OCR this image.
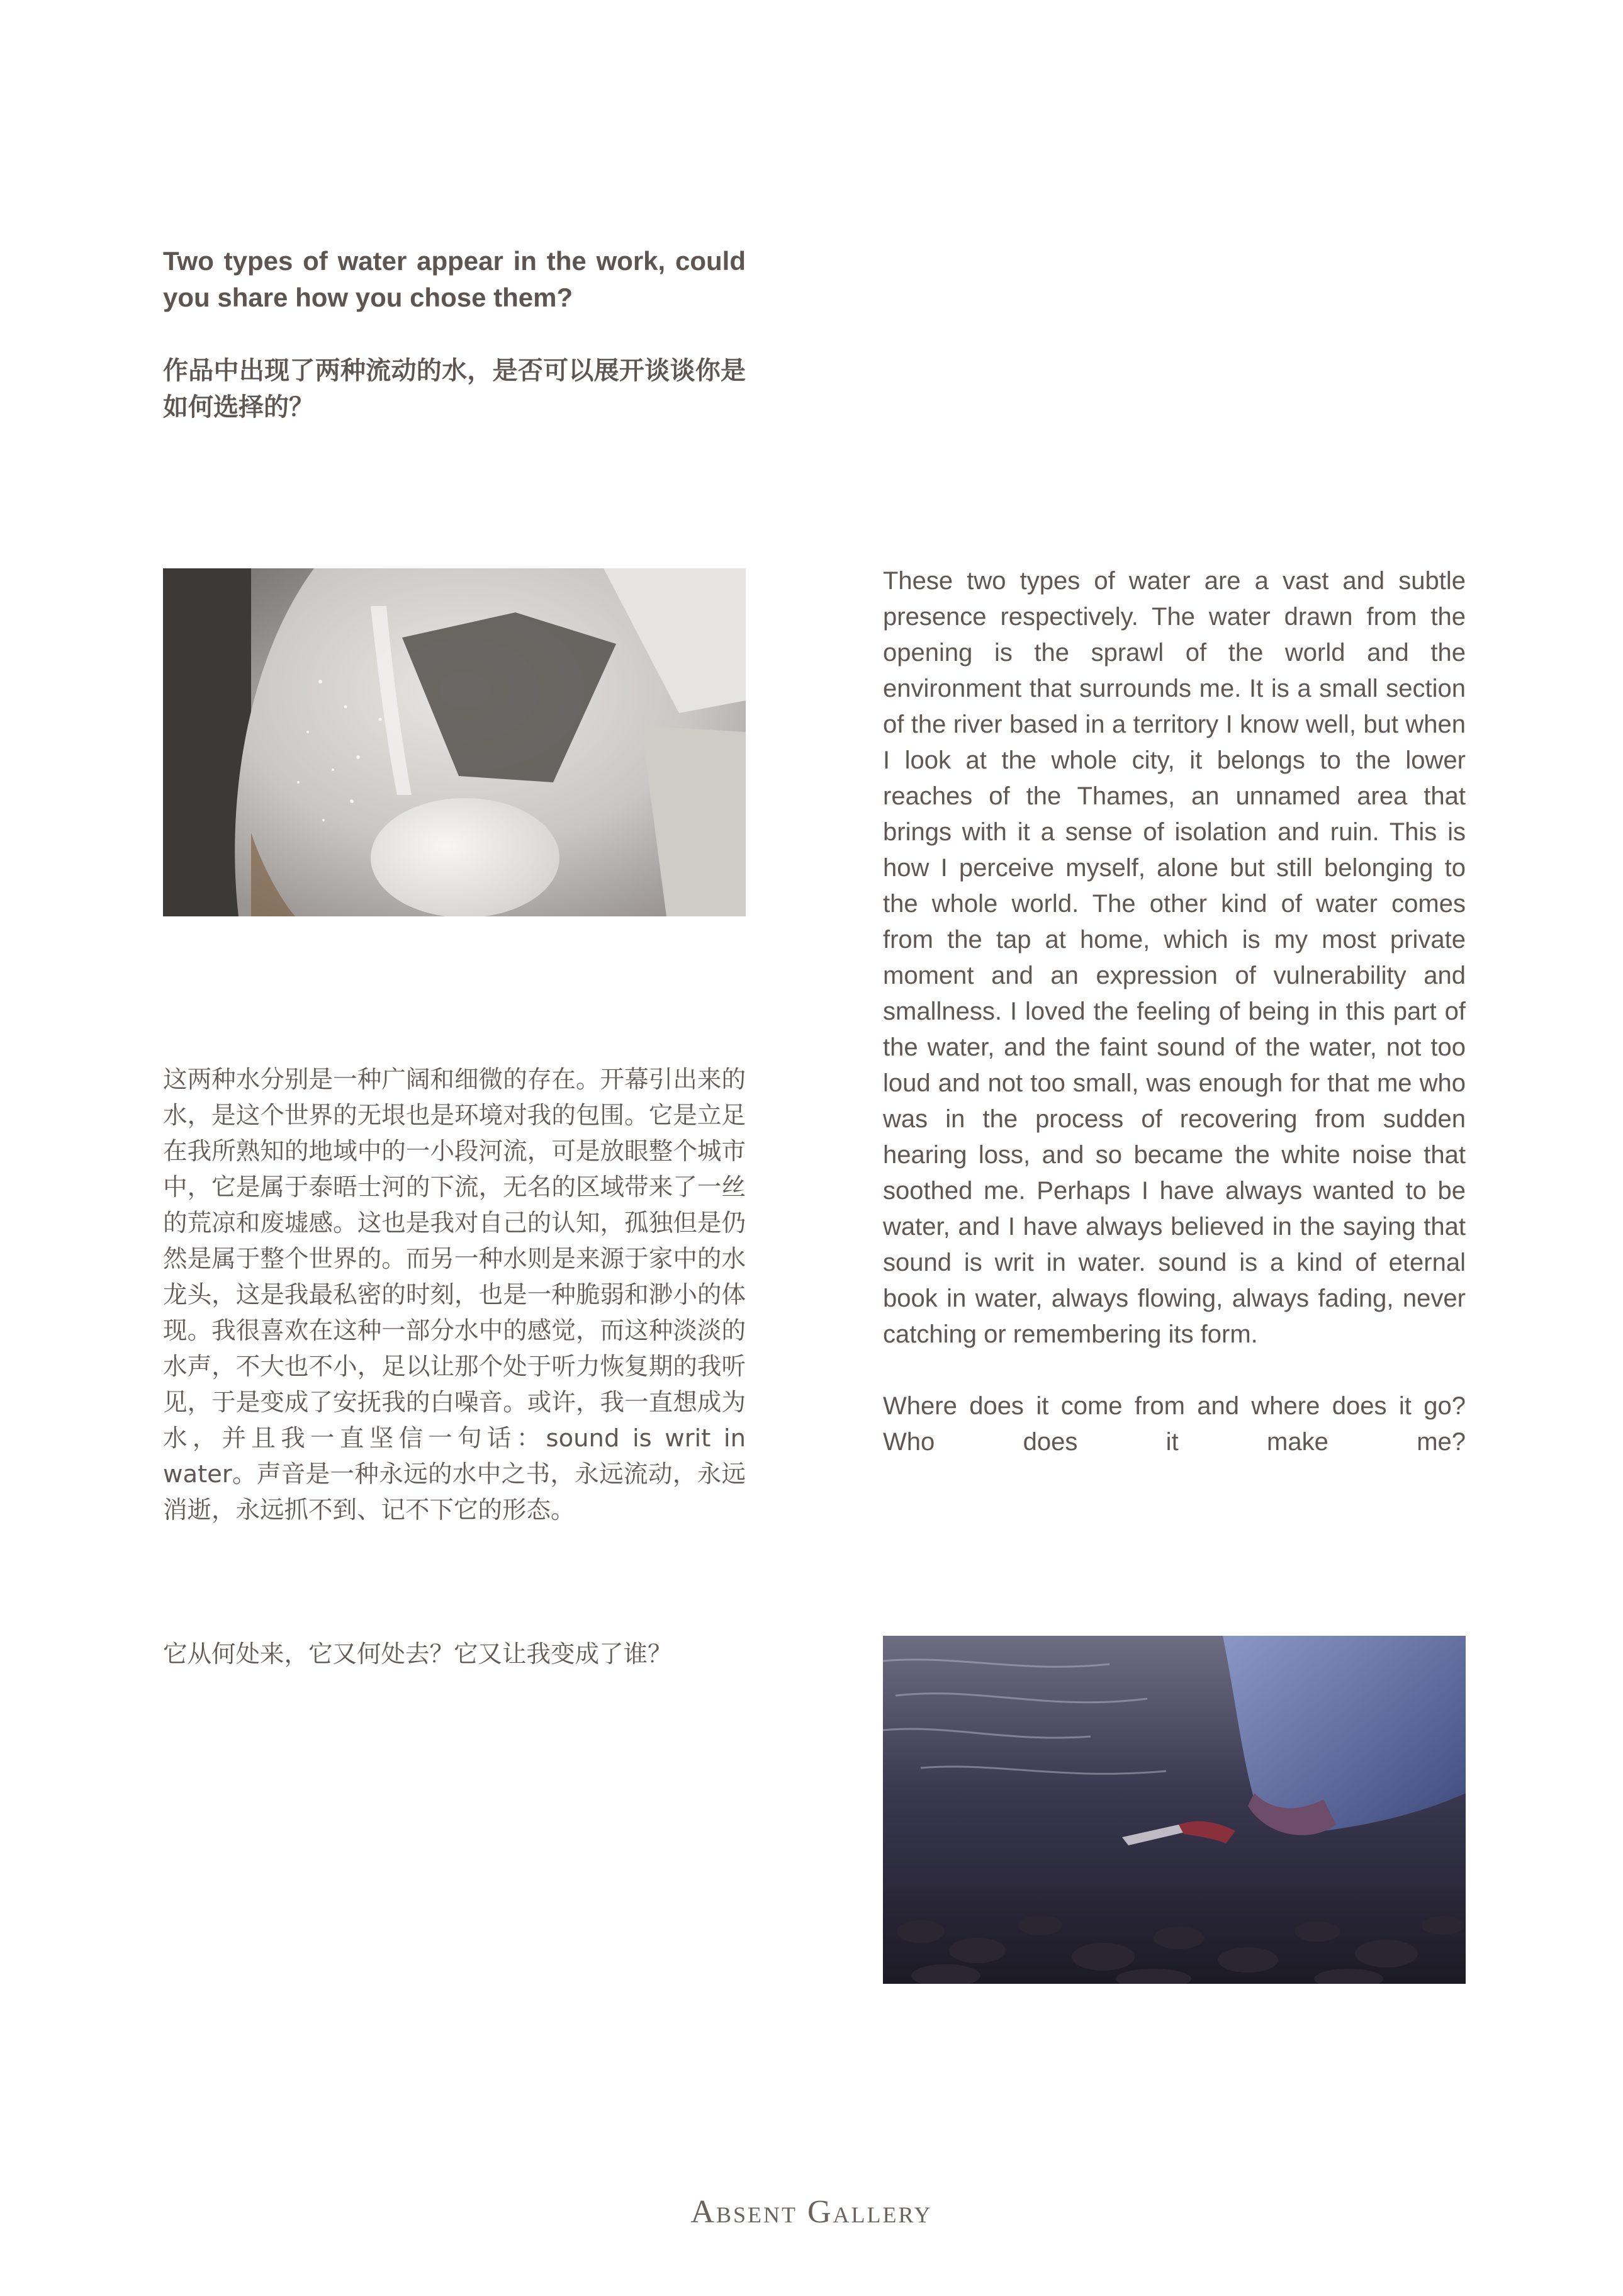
Two types of water appear in the work, could you share how you chose them?

作品中出现了两种流动的水，是否可以展开谈谈你是如何选择的？

这两种水分别是一种广阔和细微的存在。开幕引出来的水，是这个世界的无垠也是环境对我的包围。它是立足在我所熟知的地域中的一小段河流，可是放眼整个城市中，它是属于泰晤士河的下流，无名的区域带来了一丝的荒凉和废墟感。这也是我对自己的认知，孤独但是仍然是属于整个世界的。而另一种水则是来源于家中的水龙头，这是我最私密的时刻，也是一种脆弱和渺小的体现。我很喜欢在这种一部分水中的感觉，而这种淡淡的水声，不大也不小，足以让那个处于听力恢复期的我听见，于是变成了安抚我的白噪音。或许，我一直想成为水，并且我一直坚信一句话：sound is writ in water。声音是一种永远的水中之书，永远流动，永远消逝，永远抓不到、记不下它的形态。

它从何处来，它又何处去？它又让我变成了谁？

These two types of water are a vast and subtle presence respectively. The water drawn from the opening is the sprawl of the world and the environment that surrounds me. It is a small section of the river based in a territory I know well, but when I look at the whole city, it belongs to the lower reaches of the Thames, an unnamed area that brings with it a sense of isolation and ruin. This is how I perceive myself, alone but still belonging to the whole world. The other kind of water comes from the tap at home, which is my most private moment and an expression of vulnerability and smallness. I loved the feeling of being in this part of the water, and the faint sound of the water, not too loud and not too small, was enough for that me who was in the process of recovering from sudden hearing loss, and so became the white noise that soothed me. Perhaps I have always wanted to be water, and I have always believed in the saying that sound is writ in water. sound is a kind of eternal book in water, always flowing, always fading, never catching or remembering its form.

Where does it come from and where does it go? Who does it make me?

Absent Gallery
